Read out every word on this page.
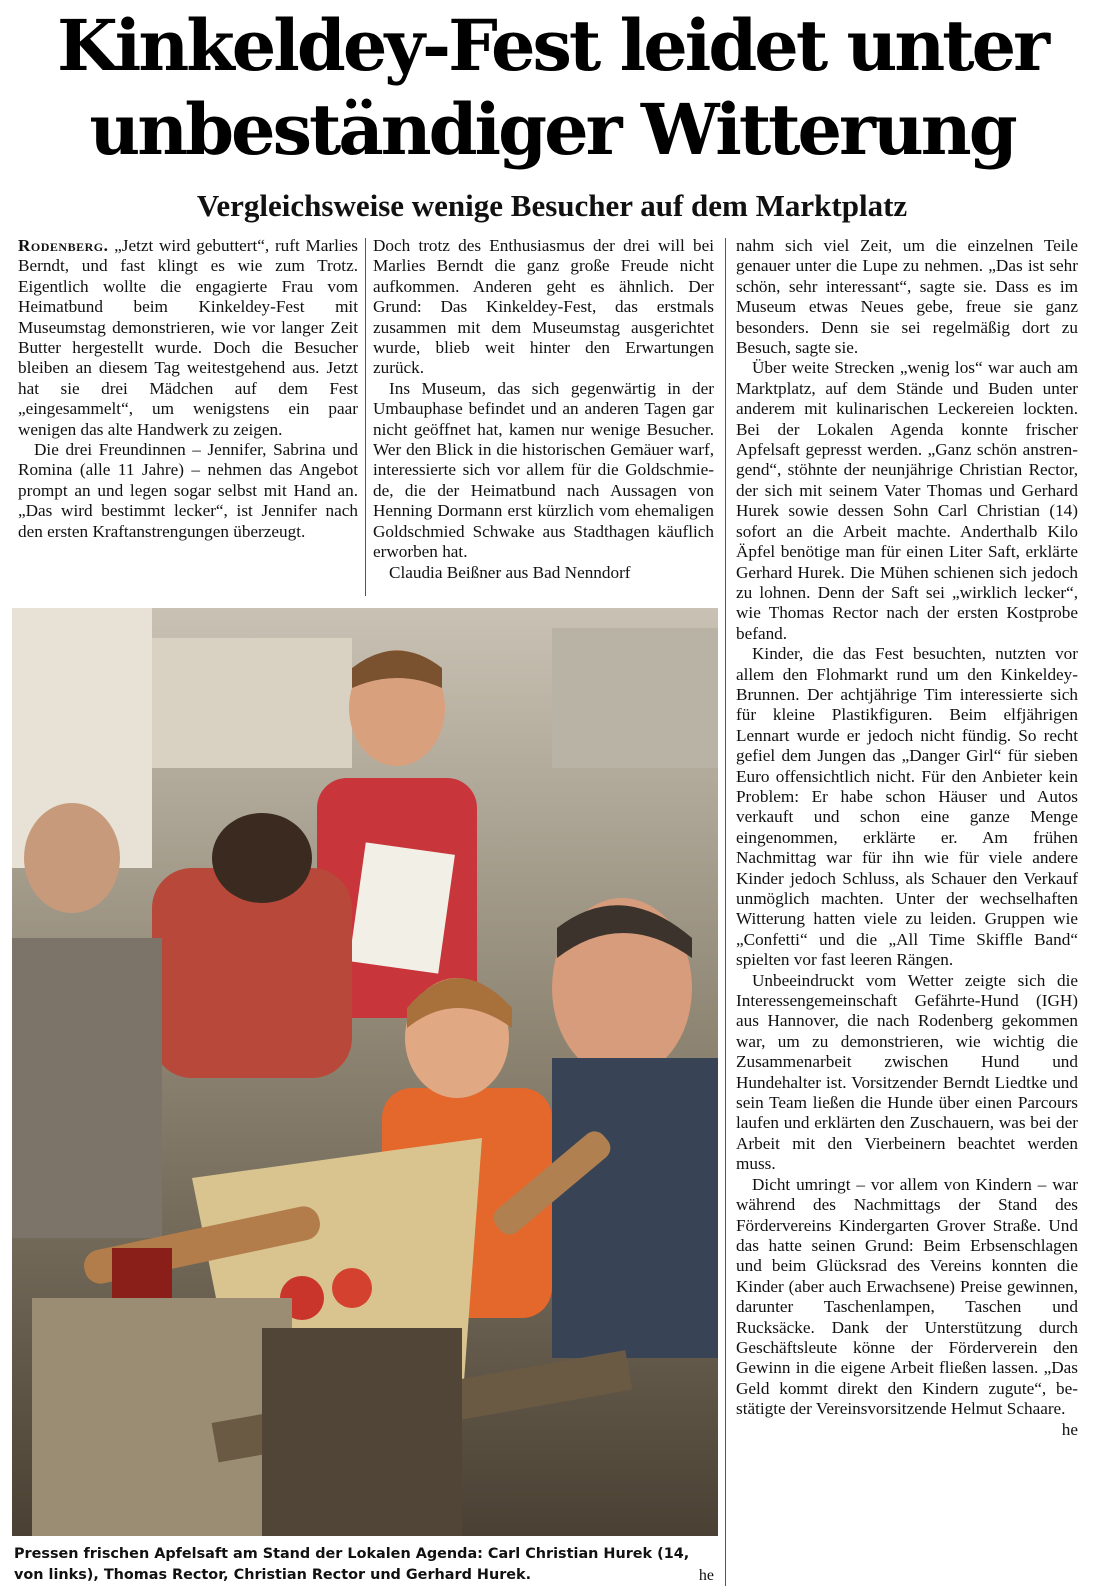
Kinkeldey-Fest leidet unter
unbeständiger Witterung
Vergleichsweise wenige Besucher auf dem Marktplatz

Rodenberg. „Jetzt wird gebuttert“, ruft Marlies Berndt, und fast klingt es wie zum Trotz. Eigentlich wollte die engagierte Frau vom Heimatbund beim Kinkeldey-Fest mit Museumstag demonstrieren, wie vor langer Zeit Butter hergestellt wurde. Doch die Besucher bleiben an diesem Tag weitestgehend aus. Jetzt hat sie drei Mädchen auf dem Fest „eingesammelt“, um wenigstens ein paar wenigen das alte Handwerk zu zeigen.

Die drei Freundinnen – Jennifer, Sabrina und Romina (alle 11 Jahre) – nehmen das Angebot prompt an und legen sogar selbst mit Hand an. „Das wird bestimmt lecker“, ist Jennifer nach den ersten Kraftanstrengungen überzeugt.

Doch trotz des Enthusiasmus der drei will bei Marlies Berndt die ganz große Freude nicht aufkommen. Anderen geht es ähnlich. Der Grund: Das Kinkeldey-Fest, das erstmals zusammen mit dem Museumstag ausgerichtet wurde, blieb weit hinter den Erwartungen zurück.

Ins Museum, das sich gegenwärtig in der Umbauphase befindet und an anderen Tagen gar nicht geöffnet hat, kamen nur wenige Besucher. Wer den Blick in die historischen Gemäuer warf, interessierte sich vor allem für die Goldschmiede, die der Heimatbund nach Aussagen von Henning Dormann erst kürzlich vom ehemaligen Goldschmied Schwake aus Stadthagen käuflich erworben hat.

Claudia Beißner aus Bad Nenndorf

nahm sich viel Zeit, um die einzelnen Teile genauer unter die Lupe zu nehmen. „Das ist sehr schön, sehr interessant“, sagte sie. Dass es im Museum etwas Neues gebe, freue sie ganz besonders. Denn sie sei regelmäßig dort zu Besuch, sagte sie.

Über weite Strecken „wenig los“ war auch am Marktplatz, auf dem Stände und Buden unter anderem mit kulinarischen Leckereien lockten. Bei der Lokalen Agenda konnte frischer Apfelsaft gepresst werden. „Ganz schön anstrengend“, stöhnte der neunjährige Christian Rector, der sich mit seinem Vater Thomas und Gerhard Hurek sowie dessen Sohn Carl Christian (14) sofort an die Arbeit machte. Anderthalb Kilo Äpfel benötige man für einen Liter Saft, erklärte Gerhard Hurek. Die Mühen schienen sich jedoch zu lohnen. Denn der Saft sei „wirklich lecker“, wie Thomas Rector nach der ersten Kostprobe befand.

Kinder, die das Fest besuchten, nutzten vor allem den Flohmarkt rund um den Kinkeldey-Brunnen. Der achtjährige Tim interessierte sich für kleine Plastikfiguren. Beim elfjährigen Lennart wurde er jedoch nicht fündig. So recht gefiel dem Jungen das „Danger Girl“ für sieben Euro offensichtlich nicht. Für den Anbieter kein Problem: Er habe schon Häuser und Autos verkauft und schon eine ganze Menge eingenommen, erklärte er. Am frühen Nachmittag war für ihn wie für viele andere Kinder jedoch Schluss, als Schauer den Verkauf unmöglich machten. Unter der wechselhaften Witterung hatten viele zu leiden. Gruppen wie „Confetti“ und die „All Time Skiffle Band“ spielten vor fast leeren Rängen.

Unbeeindruckt vom Wetter zeigte sich die Interessengemeinschaft Gefährte-Hund (IGH) aus Hannover, die nach Rodenberg gekommen war, um zu demonstrieren, wie wichtig die Zusammenarbeit zwischen Hund und Hundehalter ist. Vorsitzender Berndt Liedtke und sein Team ließen die Hunde über einen Parcours laufen und erklärten den Zuschauern, was bei der Arbeit mit den Vierbeinern beachtet werden muss.

Dicht umringt – vor allem von Kindern – war während des Nachmittags der Stand des Fördervereins Kindergarten Grover Straße. Und das hatte seinen Grund: Beim Erbsenschlagen und beim Glücksrad des Vereins konnten die Kinder (aber auch Erwachsene) Preise gewinnen, darunter Taschenlampen, Taschen und Rucksäcke. Dank der Unterstützung durch Geschäftsleute könne der Förderverein den Gewinn in die eigene Arbeit fließen lassen. „Das Geld kommt direkt den Kindern zugute“, bestätigte der Vereinsvorsitzende Helmut Schaare.
he

Pressen frischen Apfelsaft am Stand der Lokalen Agenda: Carl Christian Hurek (14, von links), Thomas Rector, Christian Rector und Gerhard Hurek.	he
